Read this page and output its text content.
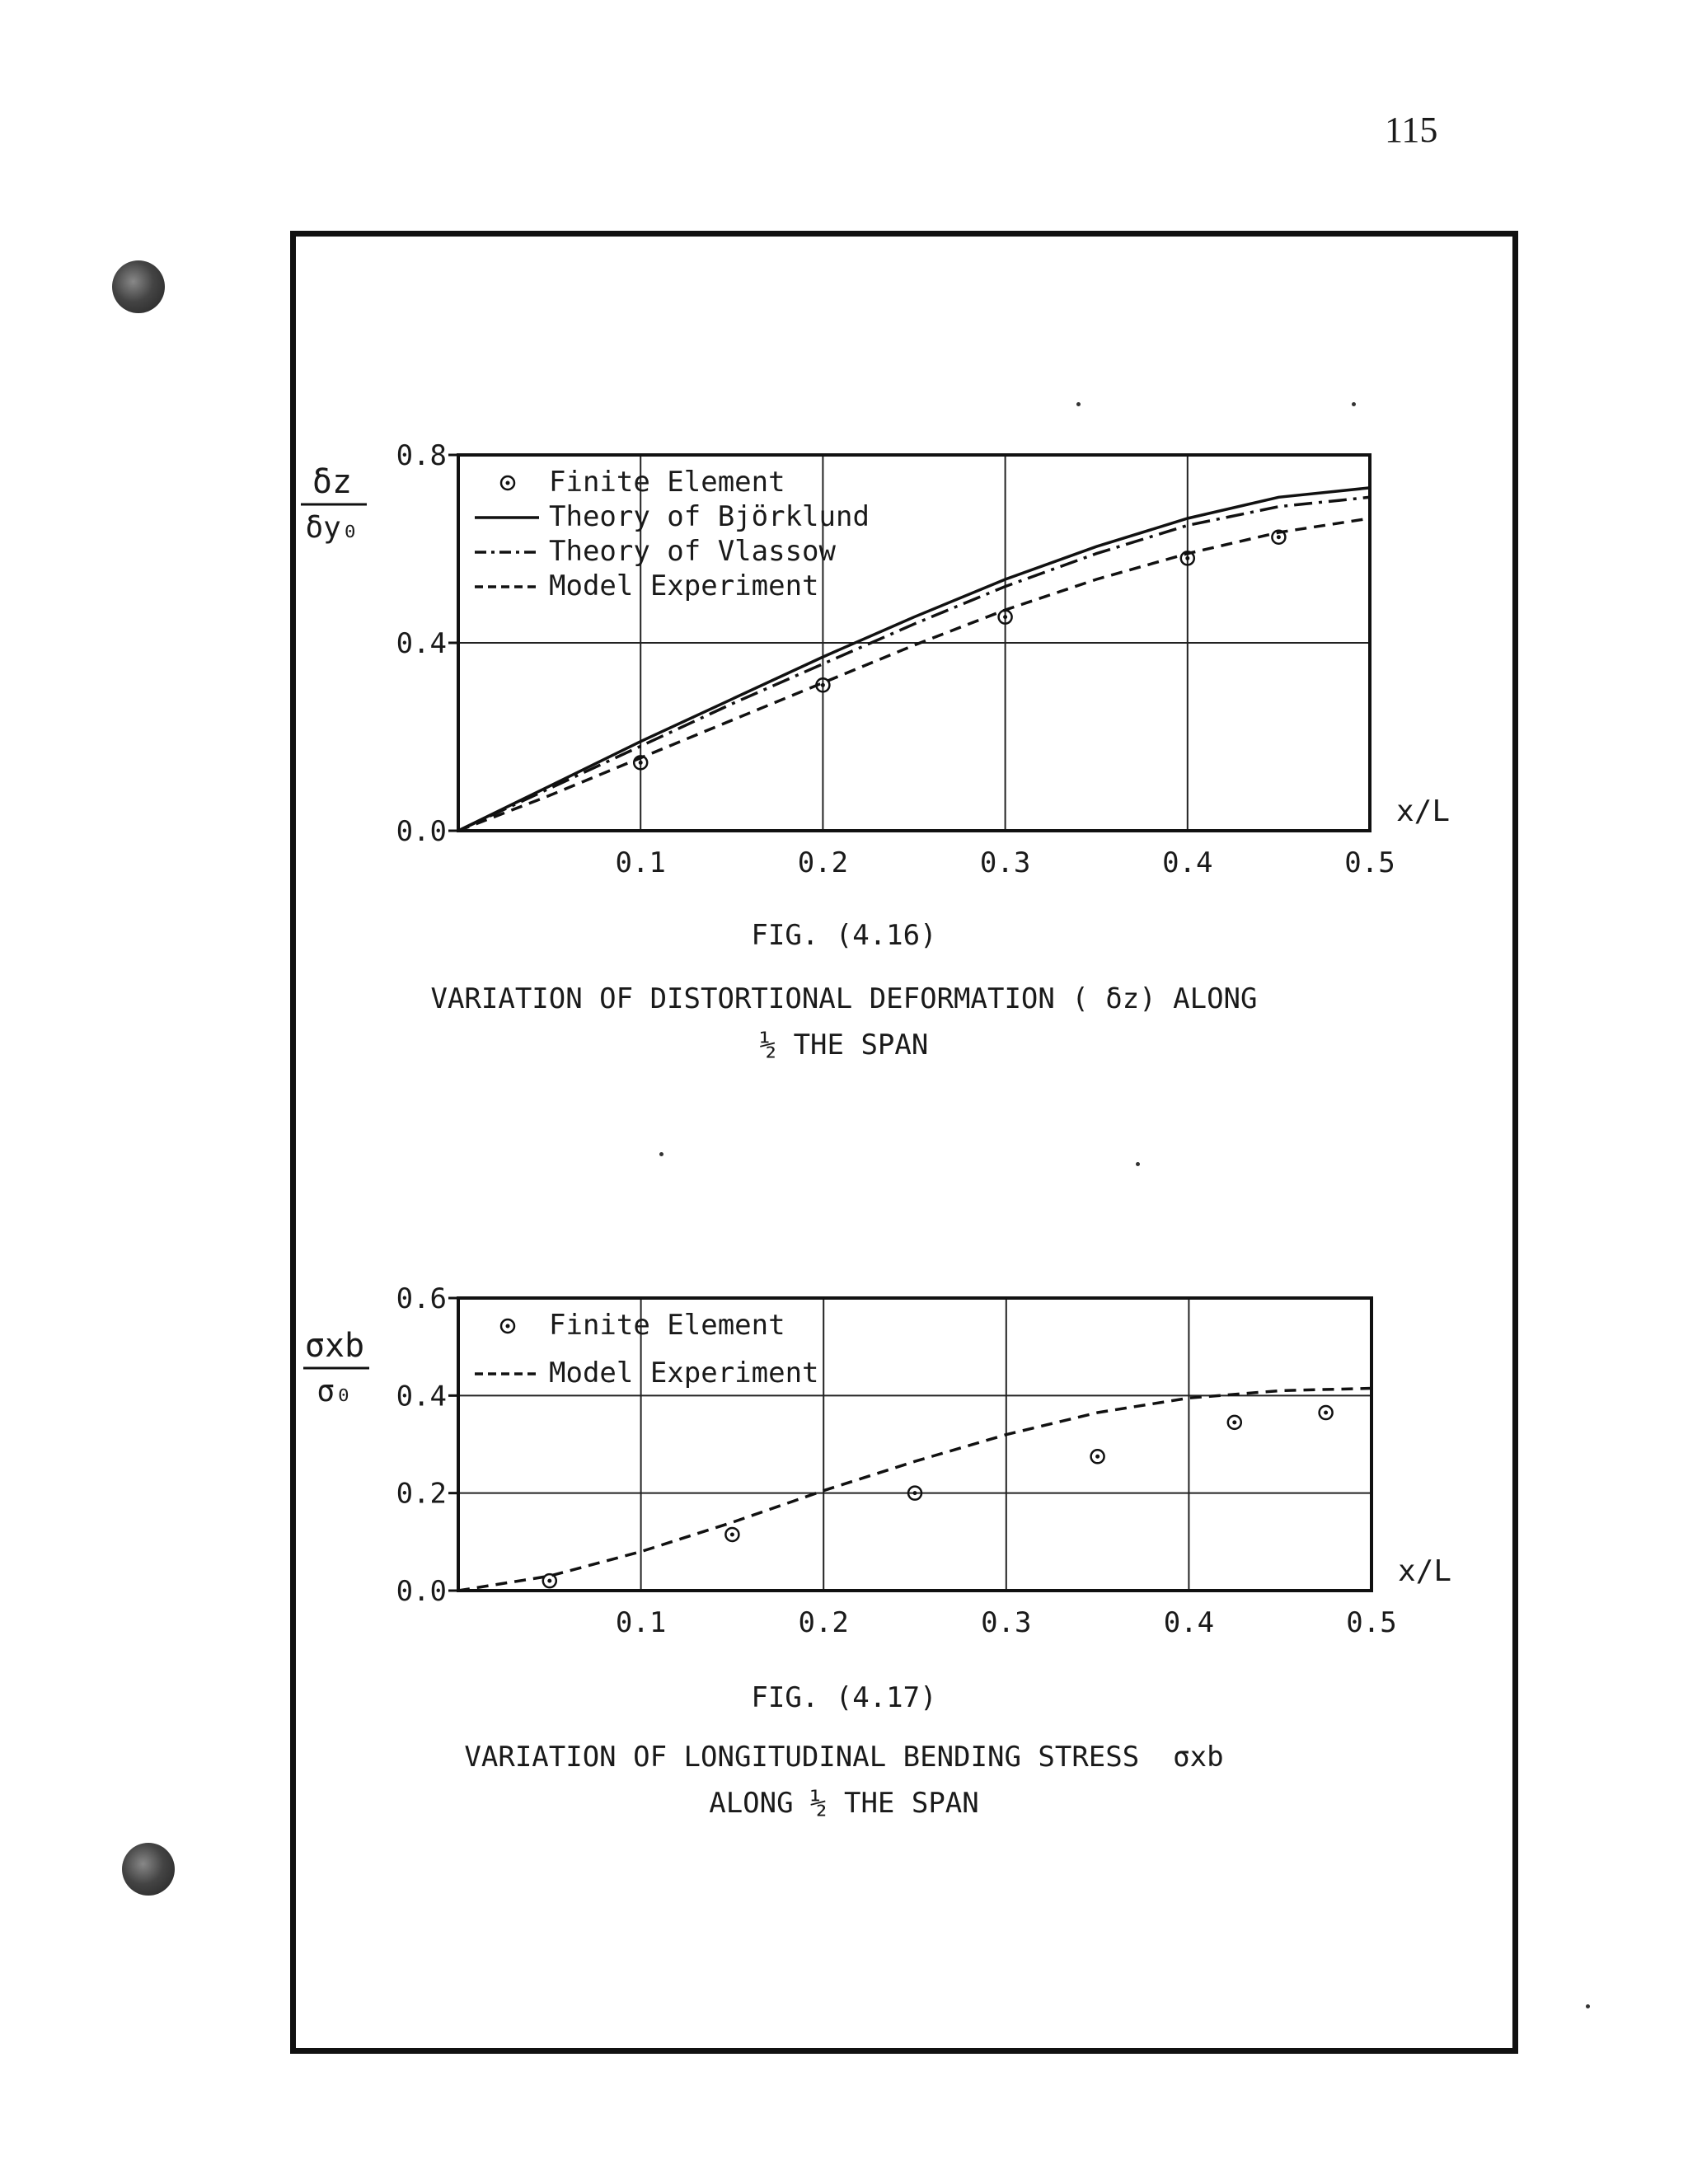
115
0.1	0.2	0.3	0.4	0.5
0.0
0.4
0.8
x/L
δz
δy₀
Finite Element
Theory of Björklund
Theory of Vlassow
Model Experiment
FIG. (4.16)
VARIATION OF DISTORTIONAL DEFORMATION ( δz) ALONG
½ THE SPAN
0.1	0.2	0.3	0.4	0.5
0.0
0.2
0.4
0.6
x/L
σxb
σ₀
Finite Element
Model Experiment
FIG. (4.17)
VARIATION OF LONGITUDINAL BENDING STRESS  σxb
ALONG ½ THE SPAN
